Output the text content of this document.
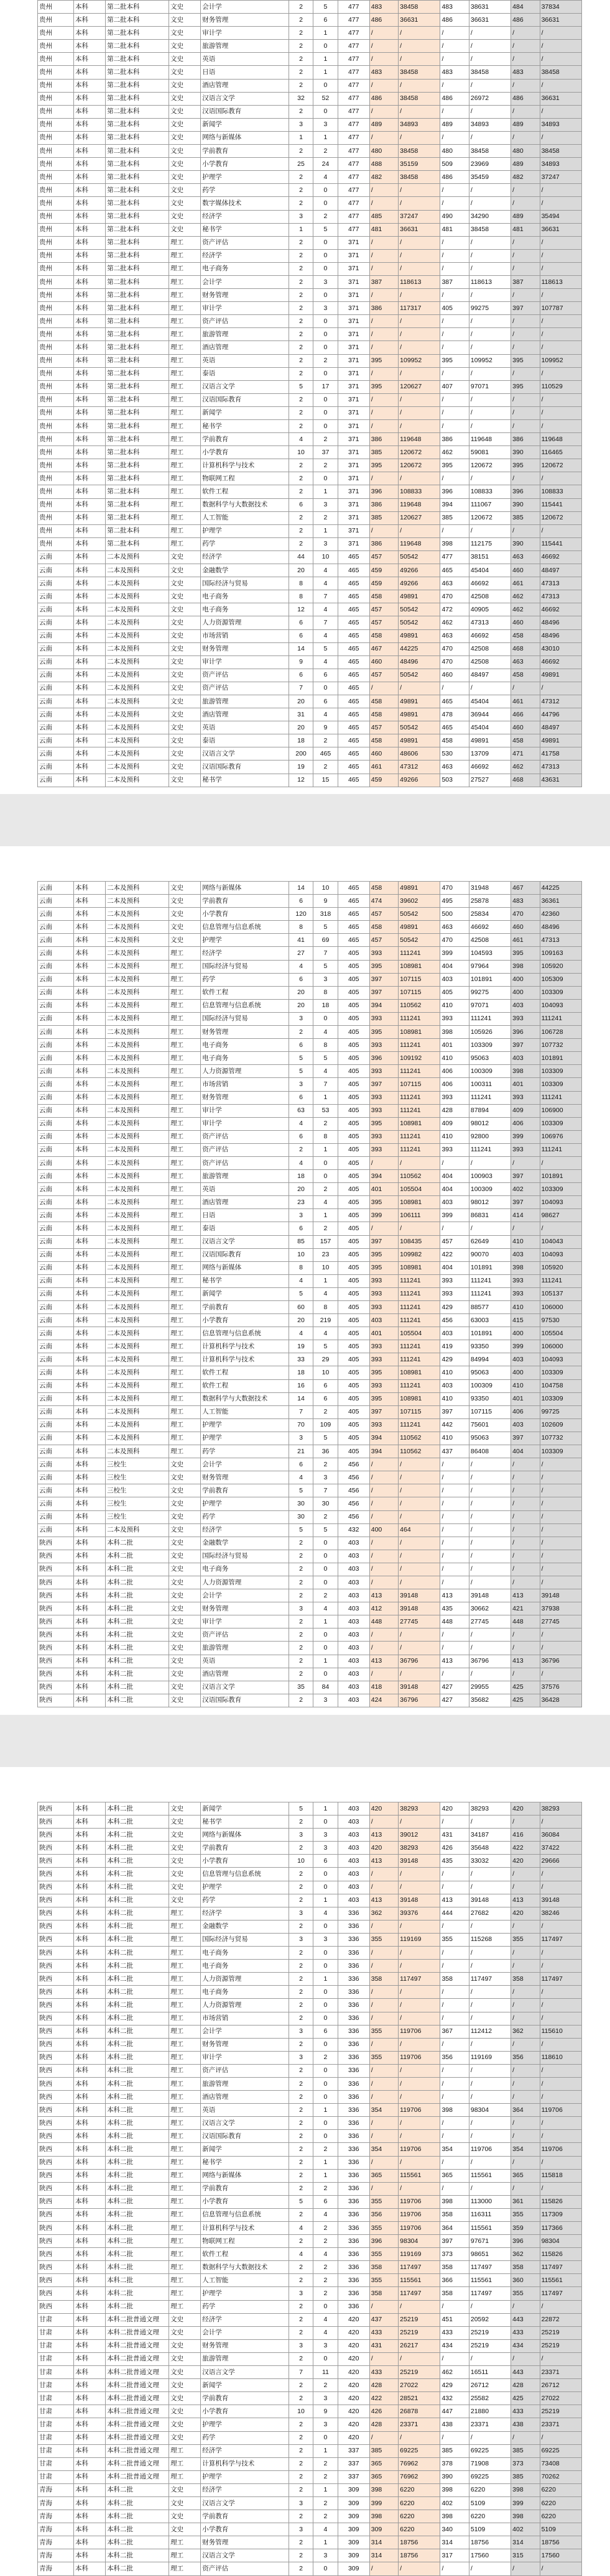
贵州	本科	第二批本科	文史	会计学	2	5	477	483	38458	483	38631	484	37834
贵州	本科	第二批本科	文史	财务管理	2	6	477	486	36631	486	36631	486	36631
贵州	本科	第二批本科	文史	审计学	2	1	477	/	/	/	/	/	/
贵州	本科	第二批本科	文史	旅游管理	2	0	477	/	/	/	/	/	/
贵州	本科	第二批本科	文史	英语	2	1	477	/	/	/	/	/	/
贵州	本科	第二批本科	文史	日语	2	1	477	483	38458	483	38458	483	38458
贵州	本科	第二批本科	文史	酒店管理	2	0	477	/	/	/	/	/	/
贵州	本科	第二批本科	文史	汉语言文学	32	52	477	486	38458	486	26972	486	36631
贵州	本科	第二批本科	文史	汉语国际教育	2	0	477	/	/	/	/	/	/
贵州	本科	第二批本科	文史	新闻学	3	3	477	489	34893	489	34893	489	34893
贵州	本科	第二批本科	文史	网络与新媒体	1	1	477	/	/	/	/	/	/
贵州	本科	第二批本科	文史	学前教育	2	2	477	480	38458	480	38458	480	38458
贵州	本科	第二批本科	文史	小学教育	25	24	477	488	35159	509	23969	489	34893
贵州	本科	第二批本科	文史	护理学	2	4	477	482	38458	486	35459	482	37247
贵州	本科	第二批本科	文史	药学	2	0	477	/	/	/	/	/	/
贵州	本科	第二批本科	文史	数字媒体技术	2	0	477	/	/	/	/	/	/
贵州	本科	第二批本科	文史	经济学	3	2	477	485	37247	490	34290	489	35494
贵州	本科	第二批本科	文史	秘书学	1	5	477	481	36631	481	38458	481	36631
贵州	本科	第二批本科	理工	资产评估	2	0	371	/	/	/	/	/	/
贵州	本科	第二批本科	理工	经济学	2	0	371	/	/	/	/	/	/
贵州	本科	第二批本科	理工	电子商务	2	0	371	/	/	/	/	/	/
贵州	本科	第二批本科	理工	会计学	2	3	371	387	118613	387	118613	387	118613
贵州	本科	第二批本科	理工	财务管理	2	0	371	/	/	/	/	/	/
贵州	本科	第二批本科	理工	审计学	2	3	371	386	117317	405	99275	397	107787
贵州	本科	第二批本科	理工	资产评估	2	0	371	/	/	/	/	/	/
贵州	本科	第二批本科	理工	旅游管理	2	0	371	/	/	/	/	/	/
贵州	本科	第二批本科	理工	酒店管理	2	0	371	/	/	/	/	/	/
贵州	本科	第二批本科	理工	英语	2	2	371	395	109952	395	109952	395	109952
贵州	本科	第二批本科	理工	泰语	2	0	371	/	/	/	/	/	/
贵州	本科	第二批本科	理工	汉语言文学	5	17	371	395	120627	407	97071	395	110529
贵州	本科	第二批本科	理工	汉语国际教育	2	0	371	/	/	/	/	/	/
贵州	本科	第二批本科	理工	新闻学	2	0	371	/	/	/	/	/	/
贵州	本科	第二批本科	理工	秘书学	2	0	371	/	/	/	/	/	/
贵州	本科	第二批本科	理工	学前教育	4	2	371	386	119648	386	119648	386	119648
贵州	本科	第二批本科	理工	小学教育	10	37	371	385	120672	462	59081	390	116465
贵州	本科	第二批本科	理工	计算机科学与技术	2	2	371	395	120672	395	120672	395	120672
贵州	本科	第二批本科	理工	物联网工程	2	0	371	/	/	/	/	/	/
贵州	本科	第二批本科	理工	软件工程	2	1	371	396	108833	396	108833	396	108833
贵州	本科	第二批本科	理工	数据科学与大数据技术	6	3	371	386	119648	394	111067	390	115441
贵州	本科	第二批本科	理工	人工智能	2	2	371	385	120627	385	120672	385	120672
贵州	本科	第二批本科	理工	护理学	2	1	371	/	/	/	/	/	/
贵州	本科	第二批本科	理工	药学	2	3	371	386	119648	398	112175	390	115441
云南	本科	二本及预科	文史	经济学	44	10	465	457	50542	477	38151	463	46692
云南	本科	二本及预科	文史	金融数学	20	4	465	459	49266	465	45404	460	48497
云南	本科	二本及预科	文史	国际经济与贸易	8	4	465	459	49266	463	46692	461	47313
云南	本科	二本及预科	文史	电子商务	8	7	465	458	49891	470	42508	462	47313
云南	本科	二本及预科	文史	电子商务	12	4	465	457	50542	472	40905	462	46692
云南	本科	二本及预科	文史	人力资源管理	6	7	465	457	50542	462	47313	460	48496
云南	本科	二本及预科	文史	市场营销	6	4	465	458	49891	463	46692	458	48496
云南	本科	二本及预科	文史	财务管理	14	5	465	467	44225	470	42508	468	43010
云南	本科	二本及预科	文史	审计学	9	4	465	460	48496	470	42508	463	46692
云南	本科	二本及预科	文史	资产评估	6	6	465	457	50542	460	48497	458	49891
云南	本科	二本及预科	文史	资产评估	7	0	465	/	/	/	/	/	/
云南	本科	二本及预科	文史	旅游管理	20	6	465	458	49891	465	45404	461	47312
云南	本科	二本及预科	文史	酒店管理	31	4	465	458	49891	478	36944	466	44796
云南	本科	二本及预科	文史	英语	20	9	465	457	50542	465	45404	460	48497
云南	本科	二本及预科	文史	泰语	18	2	465	458	49891	458	49891	458	49891
云南	本科	二本及预科	文史	汉语言文学	200	465	465	460	48606	530	13709	471	41758
云南	本科	二本及预科	文史	汉语国际教育	19	2	465	461	47312	463	46692	462	47313
云南	本科	二本及预科	文史	秘书学	12	15	465	459	49266	503	27527	468	43631
云南	本科	二本及预科	文史	网络与新媒体	14	10	465	458	49891	470	31948	467	44225
云南	本科	二本及预科	文史	学前教育	6	9	465	474	39602	495	25878	483	36361
云南	本科	二本及预科	文史	小学教育	120	318	465	457	50542	500	25834	470	42360
云南	本科	二本及预科	文史	信息管理与信息系统	8	5	465	458	49891	463	46692	460	48496
云南	本科	二本及预科	文史	护理学	41	69	465	457	50542	470	42508	461	47313
云南	本科	二本及预科	理工	经济学	27	7	405	393	111241	399	104593	395	109163
云南	本科	二本及预科	理工	国际经济与贸易	4	5	405	395	108981	404	97964	398	105920
云南	本科	二本及预科	理工	药学	6	3	405	397	107115	403	101891	400	105309
云南	本科	二本及预科	理工	软件工程	20	8	405	397	107115	405	99275	400	103309
云南	本科	二本及预科	理工	信息管理与信息系统	20	18	405	394	110562	410	97071	403	104093
云南	本科	二本及预科	理工	国际经济与贸易	3	0	405	393	111241	393	111241	393	111241
云南	本科	二本及预科	理工	财务管理	2	4	405	395	108981	398	105926	396	106728
云南	本科	二本及预科	理工	电子商务	6	8	405	393	111241	401	103309	397	107732
云南	本科	二本及预科	理工	电子商务	5	5	405	396	109192	410	95063	403	101891
云南	本科	二本及预科	理工	人力资源管理	5	4	405	393	111241	406	100309	398	103309
云南	本科	二本及预科	理工	市场营销	3	7	405	397	107115	406	100311	401	103309
云南	本科	二本及预科	理工	财务管理	6	1	405	393	111241	393	111241	393	111241
云南	本科	二本及预科	理工	审计学	63	53	405	393	111241	428	87894	409	106900
云南	本科	二本及预科	理工	审计学	4	2	405	395	108981	409	98012	406	103309
云南	本科	二本及预科	理工	资产评估	6	8	405	393	111241	410	92800	399	106976
云南	本科	二本及预科	理工	资产评估	2	1	405	393	111241	393	111241	393	111241
云南	本科	二本及预科	理工	资产评估	4	0	405	/	/	/	/	/	/
云南	本科	二本及预科	理工	旅游管理	18	0	405	394	110562	404	100903	397	101891
云南	本科	二本及预科	理工	英语	20	2	405	401	105504	404	100309	402	103309
云南	本科	二本及预科	理工	酒店管理	23	4	405	395	108981	403	98012	397	104093
云南	本科	二本及预科	理工	日语	3	1	405	399	106111	399	86831	414	98627
云南	本科	二本及预科	理工	泰语	6	2	405	/	/	/	/	/	/
云南	本科	二本及预科	理工	汉语言文学	85	157	405	397	108435	457	62649	410	104043
云南	本科	二本及预科	理工	汉语国际教育	10	23	405	395	109982	422	90070	403	104093
云南	本科	二本及预科	理工	网络与新媒体	8	10	405	395	108981	404	101891	398	105920
云南	本科	二本及预科	理工	秘书学	4	1	405	393	111241	393	111241	393	111241
云南	本科	二本及预科	理工	新闻学	5	4	405	393	111241	393	111241	393	105137
云南	本科	二本及预科	理工	学前教育	60	8	405	393	111241	429	88577	410	106000
云南	本科	二本及预科	理工	小学教育	20	219	405	403	111241	456	63003	415	97530
云南	本科	二本及预科	理工	信息管理与信息系统	4	4	405	401	105504	403	101891	400	105504
云南	本科	二本及预科	理工	计算机科学与技术	19	5	405	393	111241	419	93350	399	106000
云南	本科	二本及预科	理工	计算机科学与技术	33	29	405	393	111241	429	84994	403	104093
云南	本科	二本及预科	理工	软件工程	18	10	405	395	108981	410	95063	400	103309
云南	本科	二本及预科	理工	软件工程	16	6	405	393	111241	403	100309	410	104758
云南	本科	二本及预科	理工	数据科学与大数据技术	14	6	405	395	108981	410	93350	401	103309
云南	本科	二本及预科	理工	人工智能	7	2	405	397	107115	397	107115	406	99725
云南	本科	二本及预科	理工	护理学	70	109	405	393	111241	442	75601	403	102609
云南	本科	二本及预科	理工	护理学	3	5	405	394	110562	410	95063	397	107732
云南	本科	二本及预科	理工	药学	21	36	405	394	110562	437	86408	404	103309
云南	本科	三校生	文史	会计学	6	2	456	/	/	/	/	/	/
云南	本科	三校生	文史	财务管理	4	3	456	/	/	/	/	/	/
云南	本科	三校生	文史	学前教育	5	7	456	/	/	/	/	/	/
云南	本科	三校生	文史	护理学	30	30	456	/	/	/	/	/	/
云南	本科	三校生	文史	药学	30	2	456	/	/	/	/	/	/
云南	本科	二本及预科	文史	经济学	5	5	432	400	464	/	/	/	/
陕西	本科	本科二批	文史	金融数学	2	0	403	/	/	/	/	/	/
陕西	本科	本科二批	文史	国际经济与贸易	2	0	403	/	/	/	/	/	/
陕西	本科	本科二批	文史	电子商务	2	0	403	/	/	/	/	/	/
陕西	本科	本科二批	文史	人力资源管理	2	0	403	/	/	/	/	/	/
陕西	本科	本科二批	文史	会计学	2	2	403	413	39148	413	39148	413	39148
陕西	本科	本科二批	文史	财务管理	3	4	403	412	39148	435	30662	421	37938
陕西	本科	本科二批	文史	审计学	2	1	403	448	27745	448	27745	448	27745
陕西	本科	本科二批	文史	资产评估	2	0	403	/	/	/	/	/	/
陕西	本科	本科二批	文史	旅游管理	2	0	403	/	/	/	/	/	/
陕西	本科	本科二批	文史	英语	2	1	403	413	36796	413	36796	413	36796
陕西	本科	本科二批	文史	酒店管理	2	0	403	/	/	/	/	/	/
陕西	本科	本科二批	文史	汉语言文学	35	84	403	418	39148	427	29955	425	37576
陕西	本科	本科二批	文史	汉语国际教育	2	3	403	424	36796	427	35682	425	36428
陕西	本科	本科二批	文史	新闻学	5	1	403	420	38293	420	38293	420	38293
陕西	本科	本科二批	文史	秘书学	2	0	403	/	/	/	/	/	/
陕西	本科	本科二批	文史	网络与新媒体	3	3	403	413	39012	431	34187	416	36084
陕西	本科	本科二批	文史	学前教育	2	3	403	420	38293	426	35648	422	37422
陕西	本科	本科二批	文史	小学教育	10	6	403	413	39148	435	33032	420	29666
陕西	本科	本科二批	文史	信息管理与信息系统	2	0	403	/	/	/	/	/	/
陕西	本科	本科二批	文史	护理学	2	0	403	/	/	/	/	/	/
陕西	本科	本科二批	文史	药学	2	1	403	413	39148	413	39148	413	39148
陕西	本科	本科二批	理工	经济学	3	4	336	362	39376	444	27682	420	38246
陕西	本科	本科二批	理工	金融数学	2	0	336	/	/	/	/	/	/
陕西	本科	本科二批	理工	国际经济与贸易	3	3	336	355	119169	355	115268	355	117497
陕西	本科	本科二批	理工	电子商务	2	0	336	/	/	/	/	/	/
陕西	本科	本科二批	理工	电子商务	2	0	336	/	/	/	/	/	/
陕西	本科	本科二批	理工	人力资源管理	2	1	336	358	117497	358	117497	358	117497
陕西	本科	本科二批	理工	电子商务	2	0	336	/	/	/	/	/	/
陕西	本科	本科二批	理工	人力资源管理	2	0	336	/	/	/	/	/	/
陕西	本科	本科二批	理工	市场营销	2	0	336	/	/	/	/	/	/
陕西	本科	本科二批	理工	会计学	3	6	336	355	119706	367	112412	362	115610
陕西	本科	本科二批	理工	财务管理	2	0	336	/	/	/	/	/	/
陕西	本科	本科二批	理工	审计学	3	2	336	355	119706	356	119169	356	118610
陕西	本科	本科二批	理工	资产评估	2	0	336	/	/	/	/	/	/
陕西	本科	本科二批	理工	旅游管理	2	0	336	/	/	/	/	/	/
陕西	本科	本科二批	理工	酒店管理	2	0	336	/	/	/	/	/	/
陕西	本科	本科二批	理工	英语	2	1	336	354	119706	398	98304	364	119706
陕西	本科	本科二批	理工	汉语言文学	2	0	336	/	/	/	/	/	/
陕西	本科	本科二批	理工	汉语国际教育	2	0	336	/	/	/	/	/	/
陕西	本科	本科二批	理工	新闻学	2	2	336	354	119706	354	119706	354	119706
陕西	本科	本科二批	理工	秘书学	2	1	336	/	/	/	/	/	/
陕西	本科	本科二批	理工	网络与新媒体	2	1	336	365	115561	365	115561	365	115818
陕西	本科	本科二批	理工	学前教育	2	2	336	/	/	/	/	/	/
陕西	本科	本科二批	理工	小学教育	5	6	336	355	119706	398	113000	361	115826
陕西	本科	本科二批	理工	信息管理与信息系统	2	4	336	356	119706	358	116311	355	117309
陕西	本科	本科二批	理工	计算机科学与技术	4	2	336	355	119706	364	115561	359	117366
陕西	本科	本科二批	理工	物联网工程	2	2	336	396	98304	397	97671	396	98304
陕西	本科	本科二批	理工	软件工程	4	4	336	355	119169	373	98651	362	115826
陕西	本科	本科二批	理工	数据科学与大数据技术	2	2	336	358	117497	358	117497	358	117497
陕西	本科	本科二批	理工	人工智能	2	2	336	355	115561	366	115561	360	115561
陕西	本科	本科二批	理工	护理学	3	2	336	358	117497	358	117497	355	117497
陕西	本科	本科二批	理工	药学	2	0	336	/	/	/	/	/	/
甘肃	本科	本科二批普通文理	文史	经济学	2	4	420	437	25219	451	20592	443	22872
甘肃	本科	本科二批普通文理	文史	会计学	2	4	420	433	25219	433	25219	433	25219
甘肃	本科	本科二批普通文理	文史	财务管理	3	3	420	431	26217	434	25219	434	25219
甘肃	本科	本科二批普通文理	文史	旅游管理	2	0	420	/	/	/	/	/	/
甘肃	本科	本科二批普通文理	文史	汉语言文学	7	11	420	433	25219	462	16511	443	23371
甘肃	本科	本科二批普通文理	文史	新闻学	2	2	420	428	27022	429	26712	428	26712
甘肃	本科	本科二批普通文理	文史	学前教育	2	3	420	422	28521	432	25582	425	27022
甘肃	本科	本科二批普通文理	文史	小学教育	10	9	420	426	26878	447	21880	433	25219
甘肃	本科	本科二批普通文理	文史	护理学	2	3	420	428	23371	438	23371	438	23371
甘肃	本科	本科二批普通文理	文史	药学	2	0	420	/	/	/	/	/	/
甘肃	本科	本科二批普通文理	理工	经济学	2	1	337	385	69225	385	69225	385	69225
甘肃	本科	本科二批普通文理	理工	计算机科学与技术	2	2	337	365	76962	378	71908	373	73408
甘肃	本科	本科二批普通文理	理工	护理学	2	2	337	365	76962	390	69225	385	70262
青海	本科	本科二批	文史	经济学	2	1	309	398	6220	398	6220	398	6220
青海	本科	本科二批	文史	汉语言文学	3	2	309	399	6220	402	5109	399	6220
青海	本科	本科二批	文史	学前教育	2	2	309	398	6220	398	6220	398	6220
青海	本科	本科二批	文史	小学教育	3	4	309	309	6220	340	5109	402	5109
青海	本科	本科二批	理工	财务管理	2	1	309	314	18756	314	18756	314	18756
青海	本科	本科二批	理工	汉语言文学	2	3	309	314	18756	317	17560	315	17560
青海	本科	本科二批	理工	资产评估	2	0	309	/	/	/	/	/	/
